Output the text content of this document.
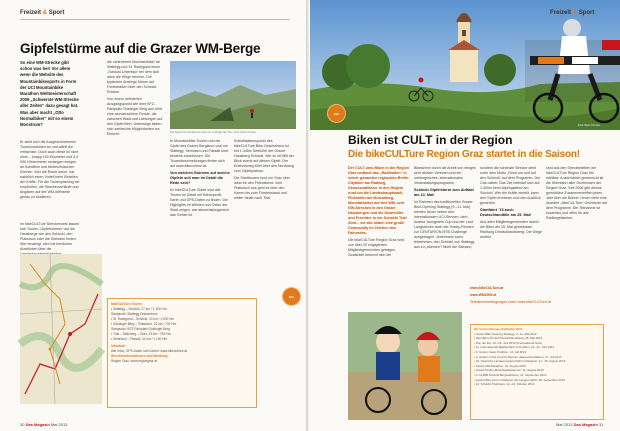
Freizeit & Sport
Gipfelstürme auf die Grazer WM-Berge
So eine WM-Strecke gibt schon was her! Vor allem wenn die Website des Mountainbikesports in Form der UCI Mountainbike Marathon Weltmeisterschaft 2009 „Schwerste WM-Strecke aller Zeiten“ dazu gesagt hat. Was aber macht „Otto Normalbiker“ mit so einem Monstrum?

Er sieht sich die Ausgeschriebenen Tourenvarianten an und wählt die einfachste. Doch auch diese ist nicht ohne – knapp 100 Kilometer und 3.4 000 Höhenmeter verlangen einiges an Kondition und fahrtechnischem Können. Wer die Route kennt, hat natürlich einen Vorteil beim Einteilen der Kräfte. Für die Tourenplanung sei empfohlen, die Streckenverläufe und Angaben auf der WM-Webseite genau zu studieren.

Im bikeCULTure Streckennetz lassen sich Touren „Gipfelstürmer“ auf die Hausberge wie den Schöckl, den Plabutsch oder die Gleinalm finden. Wer einsteigt, wird mit herrlichen Ausblicken über die

die zahlreichen Mountainbiker ab Stattegg und St. Radegund einen „Schöckl-Unterbau“ bei dem sich dann die Wege trennen. Die typischen Anstiege führen auf Forststraßen über den Schöckl-Rücken.

Von einem definierten Ausgangspunkt wie dem KFZ-Parkplatz Göstinger Berg aus führt eine wunderschöne Runde, die zwischen Wald und Lichtungen auf den Gipfel führt. Unterwegs bieten sich zahlreiche Möglichkeiten zur Einkehr.	Die Spitze des Schöckl ist schon ein Highlight der Tour. Foto: Bernd Gruber

te Mountainbike-Touren und die Gipfel des Grazer Bergland rund um Stattegg, Semriach und Passail sind bestens erschlossen. Die Tourenbeschreibungen finden sich auf www.bikeculture.at.

Von welchen Stürmen auf welche Gipfeln soll man im Detail die Rede sein?

Im bikeCULTure Guide sind alle Touren im Detail mit Höhenprofil, Karte und GPS-Daten zu finden. Die Highlights im Westen und Osten der Stadt zeigen, wie abwechslungsreich das Gebiet ist.

Kristallisationspunkt des bikeCULTure Bike-Geschehens ist mit 1.445m Seehöhe der Grazer Hausberg Schöckl. Wie so oft fällt der Blick zuerst auf diesen Gipfel. Der Erlebnisweg führt über den Nordhang zum Gipfelplateau.

Die Stadttouren rund um Graz sind ideal für den Feierabend. Vom Plabutsch aus geht es über den Kamm bis zum Fürstenstand und weiter hinab nach Thal.

bikeCULTure-Touren
• Stattegg – Schöckl, 27 km / 1.100 Hm
Startpunkt: Stattegg Ortszentrum
• St. Radegund – Schöckl, 19 km / 1.000 Hm
• Göstinger Berg – Plabutsch, 22 km / 700 Hm
Startpunkt: KFZ-Parkplatz Göstinger Berg
• Thal – Steinberg – Graz, 24 km / 750 Hm
• Semriach – Passail, 31 km / 1.150 Hm
Infoblock
Alle Infos, GPS-Daten und Karten: www.bikeculture.at
Streckeninformationen und Beratung:
Region Graz, www.regiongraz.at
Info
30 Das Magazin Mai 2013
Freizeit & Sport
Foto: Bernd Gruber
Info
Biken ist CULT in der Region
Die bikeCULTure Region Graz startet in die Saison!

Der CULT ums Biken in der Region Graz umfasst das „Radlhalten“ in seiner gesamten regionalen Breite. Citybiker am Radweg, Genussradfahrer in den Hügeln rund um die Landeshauptstadt, Flußradler am Murradweg, Mountainbiker auf den WM- und GW-Strecken in den Grazer Hausbergen und die Downhiller und Freerider in der Schöckl Trail Area – sie alle bilden eine große Community im Zeichen des Fahrrades.

Die bikeCULTure Region Graz wird von über 20 engagierten Mitgliedsgemeinden getragen. Zusätzlich bekennt sich die

Bikeszene durch die Arbeit von einigen sehr aktiven Vereinen und ein umfangreiches, internationales Veranstaltungsprogramm.

Schöckl-Gipfelsturm zum Auftakt am 10. Mai!

Im Rahmen des traditionellen Grazer Bike-Opening Stattegg (9.–11. Mai) werden heuer neben den internationalen UCI-Rennen, dem Austria Youngsters Cup und der Lauf-Langstrecke auch der Hobby-Rennen zur CENTURION MTB Challenge ausgetragen. Jedermann kann teilnehmen, den Schöckl von Stattegg aus zu „stürmen“! Nicht die Sämann,

sondern die schönste Strecke steht unter dem Motto „Rund um und auf den Schöckl“ auf dem Programm. Der Clou dabei: Das Ziel befindet sich auf 1.400m beim Alpengasthof am Schöckl. Wer die Kräfte einteilt, kann den Gipfel erreichen und den Ausblick genießen.

Startfahrt ´15 auch Deutschlandtitle am 25. Mai!

Aus allen Mitgliedsgemeinden radeln die Biker am 25. Mai gemeinsam Richtung Deutschlandsberg. Die Wege dorthin

sind aus den Streckenteilen der bikeCULTure Region Graz frei wählbar. Ausdrücklich gewünscht ist die Sternfahrt aller Gemeinden der Region Graz. Seit 2006 gibt dieses gemütliche Zusammentreffen jedes Jahr über die Bühne: Heuer steht eine Ausfahrt „bikeCULTure“ Gemeinde auf dem Programm. Die Teilnahme ist kostenlos und offen für alle Radbegeisterten.

www.bikeCULTure.at

www.WM2009.at

Teilnahmebedingungen unter www.bikeCULTure.at

Die Veranstaltungs-Highlights 2013
• Grazer Bike Opening Stattegg, 9.–11. Mai 2013
• Sternfahrt 15 nach Deutschlandsberg, 25. Mai 2013
• Run der Flo, 14.–16. Juni 2013 (Freizeitarena Graz)
• 11. Internationale Radfernfahrt Graz-Wien, 21.–22. Juni 2013
• 9. Grazer Clean Triathlon, 14. Juli 2013
• 3. Grazer Cross Country Rennen (Hausmannstätten), 27. Juli 2013
• 34. Steirische Landesmeisterschaft im Radsport, 17.–18. August 2013
• Grazer Mai-Marathon, 24. August 2013
• Grazer Kinder-Mountainbikerennen, 31. August 2013
• 4. CLIMB Schöckl-Bergzeitfahren, 14. September 2013
• Grazer Bike-Tour im Rahmen der Langen Nacht, 28. September 2013
• 12. Schöckl-Trail-Days, 12.–13. Oktober 2013
Mai 2013 Das Magazin 31
